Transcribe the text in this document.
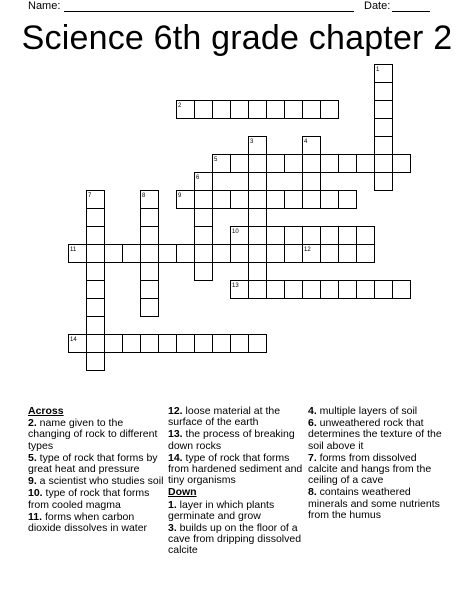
Name:	Date:
Science 6th grade chapter 2
1
2
3	4
5
6
7	8	9
10
11	12
13
14
Across
2. name given to the changing of rock to different types
5. type of rock that forms by great heat and pressure
9. a scientist who studies soil
10. type of rock that forms from cooled magma
11. forms when carbon dioxide dissolves in water
12. loose material at the surface of the earth
13. the process of breaking down rocks
14. type of rock that forms from hardened sediment and tiny organisms
Down
1. layer in which plants germinate and grow
3. builds up on the floor of a cave from dripping dissolved calcite
4. multiple layers of soil
6. unweathered rock that determines the texture of the soil above it
7. forms from dissolved calcite and hangs from the ceiling of a cave
8. contains weathered minerals and some nutrients from the humus
